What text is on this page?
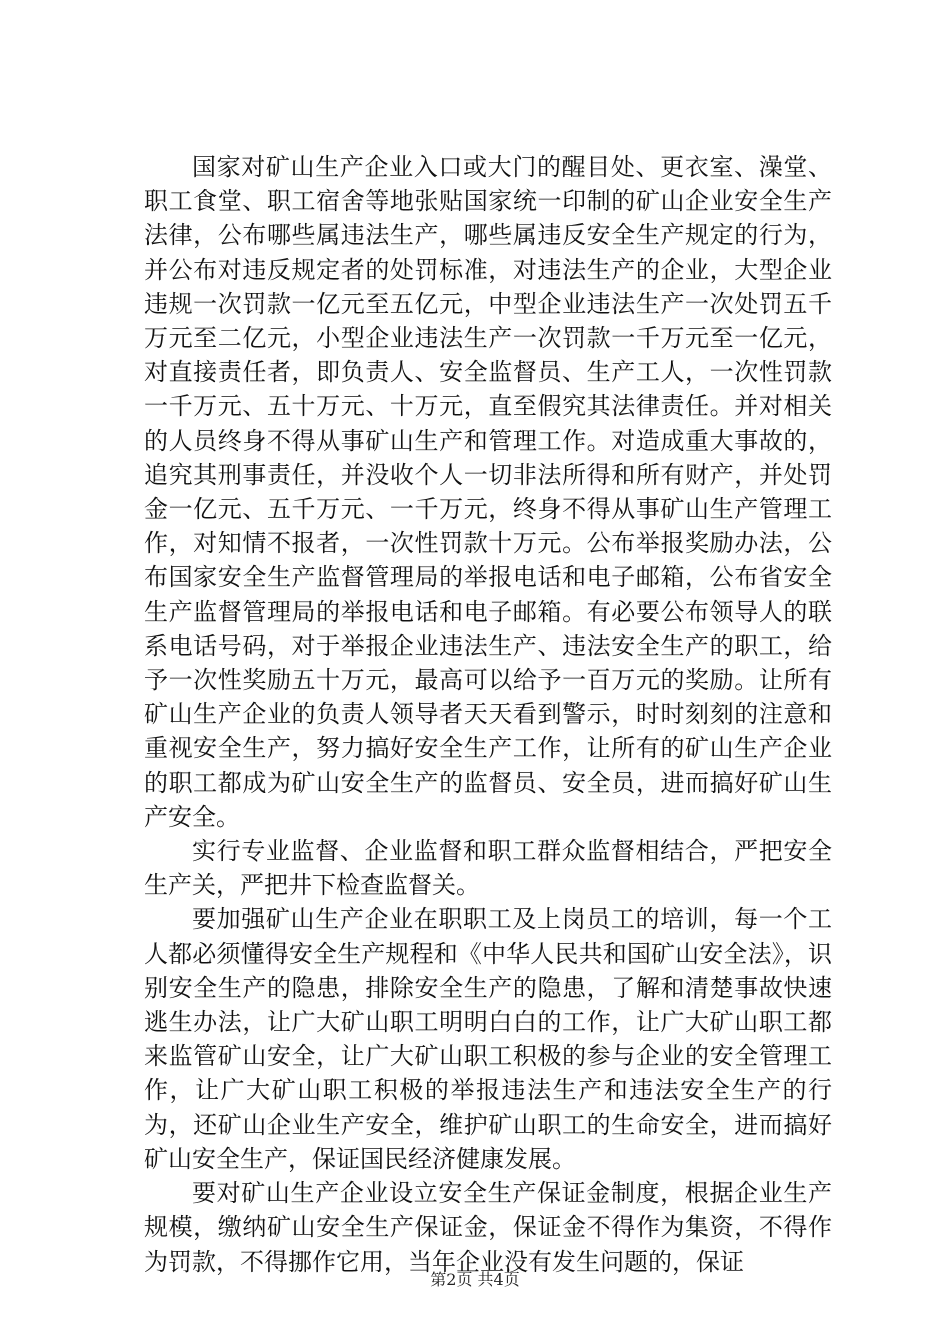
国家对矿山生产企业入口或大门的醒目处、更衣室、澡堂、职工食堂、职工宿舍等地张贴国家统一印制的矿山企业安全生产法律，公布哪些属违法生产，哪些属违反安全生产规定的行为，并公布对违反规定者的处罚标准，对违法生产的企业，大型企业违规一次罚款一亿元至五亿元，中型企业违法生产一次处罚五千万元至二亿元，小型企业违法生产一次罚款一千万元至一亿元，对直接责任者，即负责人、安全监督员、生产工人，一次性罚款一千万元、五十万元、十万元，直至假究其法律责任。并对相关的人员终身不得从事矿山生产和管理工作。对造成重大事故的，追究其刑事责任，并没收个人一切非法所得和所有财产，并处罚金一亿元、五千万元、一千万元，终身不得从事矿山生产管理工作，对知情不报者，一次性罚款十万元。公布举报奖励办法，公布国家安全生产监督管理局的举报电话和电子邮箱，公布省安全生产监督管理局的举报电话和电子邮箱。有必要公布领导人的联系电话号码，对于举报企业违法生产、违法安全生产的职工，给予一次性奖励五十万元，最高可以给予一百万元的奖励。让所有矿山生产企业的负责人领导者天天看到警示，时时刻刻的注意和重视安全生产，努力搞好安全生产工作，让所有的矿山生产企业的职工都成为矿山安全生产的监督员、安全员，进而搞好矿山生产安全。

实行专业监督、企业监督和职工群众监督相结合，严把安全生产关，严把井下检查监督关。

要加强矿山生产企业在职职工及上岗员工的培训，每一个工人都必须懂得安全生产规程和《中华人民共和国矿山安全法》，识别安全生产的隐患，排除安全生产的隐患，了解和清楚事故快速逃生办法，让广大矿山职工明明白白的工作，让广大矿山职工都来监管矿山安全，让广大矿山职工积极的参与企业的安全管理工作，让广大矿山职工积极的举报违法生产和违法安全生产的行为，还矿山企业生产安全，维护矿山职工的生命安全，进而搞好矿山安全生产，保证国民经济健康发展。

要对矿山生产企业设立安全生产保证金制度，根据企业生产规模，缴纳矿山安全生产保证金，保证金不得作为集资，不得作为罚款，不得挪作它用，当年企业没有发生问题的，保证

第2页 共4页
